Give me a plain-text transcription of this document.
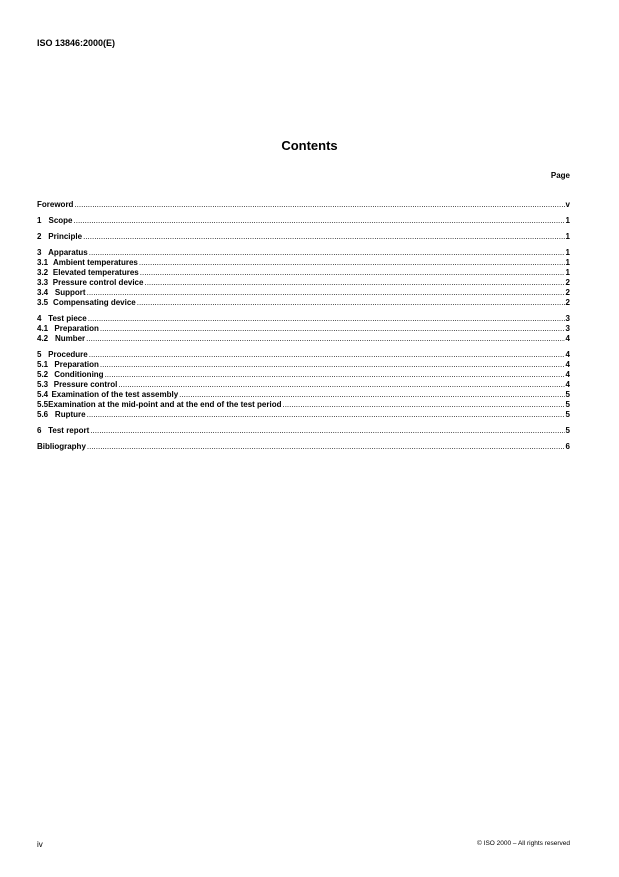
ISO 13846:2000(E)
Contents
Page
Foreword .....	v
1 Scope .....	1
2 Principle .....	1
3 Apparatus .....	1
3.1 Ambient temperatures .....	1
3.2 Elevated temperatures .....	1
3.3 Pressure control device .....	2
3.4 Support .....	2
3.5 Compensating device .....	2
4 Test piece .....	3
4.1 Preparation .....	3
4.2 Number .....	4
5 Procedure .....	4
5.1 Preparation .....	4
5.2 Conditioning .....	4
5.3 Pressure control .....	4
5.4 Examination of the test assembly .....	5
5.5 Examination at the mid-point and at the end of the test period .....	5
5.6 Rupture .....	5
6 Test report .....	5
Bibliography .....	6
iv	© ISO 2000 – All rights reserved
